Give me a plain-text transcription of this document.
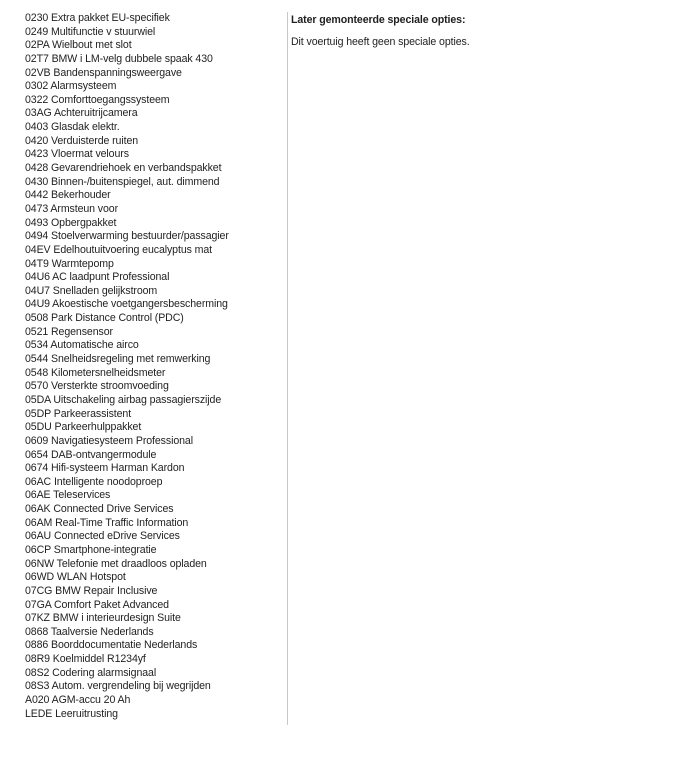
0230 Extra pakket EU-specifiek
0249 Multifunctie v stuurwiel
02PA Wielbout met slot
02T7 BMW i LM-velg dubbele spaak 430
02VB Bandenspanningsweergave
0302 Alarmsysteem
0322 Comforttoegangssysteem
03AG Achteruitrijcamera
0403 Glasdak elektr.
0420 Verduisterde ruiten
0423 Vloermat velours
0428 Gevarendriehoek en verbandspakket
0430 Binnen-/buitenspiegel, aut. dimmend
0442 Bekerhouder
0473 Armsteun voor
0493 Opbergpakket
0494 Stoelverwarming bestuurder/passagier
04EV Edelhoutuitvoering eucalyptus mat
04T9 Warmtepomp
04U6 AC laadpunt Professional
04U7 Snelladen gelijkstroom
04U9 Akoestische voetgangersbescherming
0508 Park Distance Control (PDC)
0521 Regensensor
0534 Automatische airco
0544 Snelheidsregeling met remwerking
0548 Kilometersnelheidsmeter
0570 Versterkte stroomvoeding
05DA Uitschakeling airbag passagierszijde
05DP Parkeerassistent
05DU Parkeerhulppakket
0609 Navigatiesysteem Professional
0654 DAB-ontvangermodule
0674 Hifi-systeem Harman Kardon
06AC Intelligente noodoproep
06AE Teleservices
06AK Connected Drive Services
06AM Real-Time Traffic Information
06AU Connected eDrive Services
06CP Smartphone-integratie
06NW Telefonie met draadloos opladen
06WD WLAN Hotspot
07CG BMW Repair Inclusive
07GA Comfort Paket Advanced
07KZ BMW i interieurdesign Suite
0868 Taalversie Nederlands
0886 Boorddocumentatie Nederlands
08R9 Koelmiddel R1234yf
08S2 Codering alarmsignaal
08S3 Autom. vergrendeling bij wegrijden
A020 AGM-accu 20 Ah
LEDE Leeruitrusting

Later gemonteerde speciale opties:

Dit voertuig heeft geen speciale opties.
